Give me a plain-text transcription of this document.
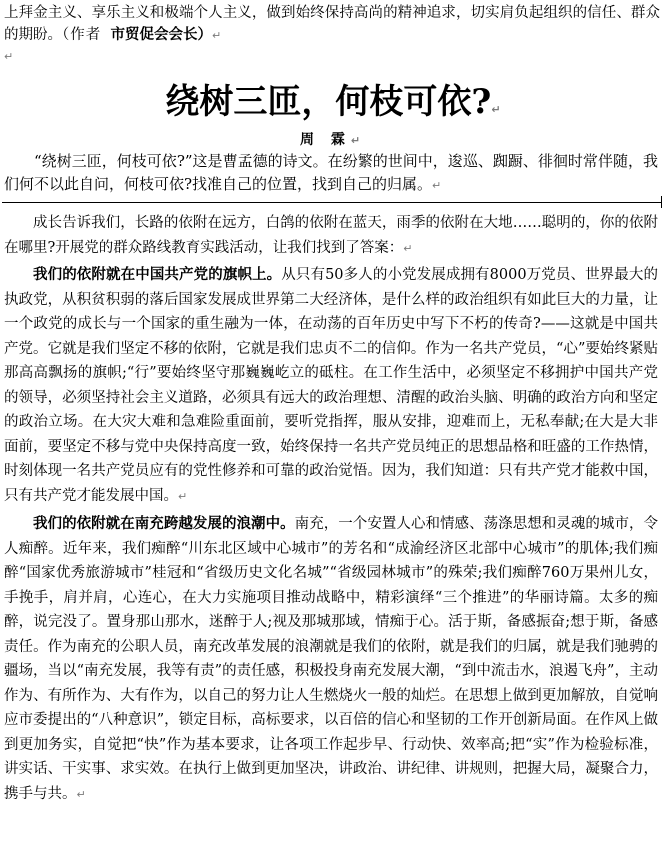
上拜金主义、享乐主义和极端个人主义，做到始终保持高尚的精神追求，切实肩负起组织的信任、群众的期盼。（作者 市贸促会会长）↵

↵
绕树三匝，何枝可依?↵

周 霖↵

“绕树三匝，何枝可依?”这是曹孟德的诗文。在纷繁的世间中，逡巡、踟蹰、徘徊时常伴随，我们何不以此自问，何枝可依?找准自己的位置，找到自己的归属。↵

成长告诉我们，长路的依附在远方，白鸽的依附在蓝天，雨季的依附在大地……聪明的，你的依附在哪里?开展党的群众路线教育实践活动，让我们找到了答案：↵

我们的依附就在中国共产党的旗帜上。从只有50多人的小党发展成拥有8000万党员、世界最大的执政党，从积贫积弱的落后国家发展成世界第二大经济体，是什么样的政治组织有如此巨大的力量，让一个政党的成长与一个国家的重生融为一体，在动荡的百年历史中写下不朽的传奇?——这就是中国共产党。它就是我们坚定不移的依附，它就是我们忠贞不二的信仰。作为一名共产党员，“心”要始终紧贴那高高飘扬的旗帜;“行”要始终坚守那巍巍屹立的砥柱。在工作生活中，必须坚定不移拥护中国共产党的领导，必须坚持社会主义道路，必须具有远大的政治理想、清醒的政治头脑、明确的政治方向和坚定的政治立场。在大灾大难和急难险重面前，要听党指挥，服从安排，迎难而上，无私奉献;在大是大非面前，要坚定不移与党中央保持高度一致，始终保持一名共产党员纯正的思想品格和旺盛的工作热情，时刻体现一名共产党员应有的党性修养和可靠的政治觉悟。因为，我们知道：只有共产党才能救中国，只有共产党才能发展中国。↵

我们的依附就在南充跨越发展的浪潮中。南充，一个安置人心和情感、荡涤思想和灵魂的城市，令人痴醉。近年来，我们痴醉“川东北区域中心城市”的芳名和“成渝经济区北部中心城市”的肌体;我们痴醉“国家优秀旅游城市”桂冠和“省级历史文化名城”“省级园林城市”的殊荣;我们痴醉760万果州儿女，手挽手，肩并肩，心连心，在大力实施项目推动战略中，精彩演绎“三个推进”的华丽诗篇。太多的痴醉，说完没了。置身那山那水，迷醉于人;视及那城那域，情痴于心。活于斯，备感振奋;想于斯，备感责任。作为南充的公职人员，南充改革发展的浪潮就是我们的依附，就是我们的归属，就是我们驰骋的疆场，当以“南充发展，我等有责”的责任感，积极投身南充发展大潮，“到中流击水，浪遏飞舟”，主动作为、有所作为、大有作为，以自己的努力让人生燃烧火一般的灿烂。在思想上做到更加解放，自觉响应市委提出的“八种意识”，锁定目标，高标要求，以百倍的信心和坚韧的工作开创新局面。在作风上做到更加务实，自觉把“快”作为基本要求，让各项工作起步早、行动快、效率高;把“实”作为检验标准，讲实话、干实事、求实效。在执行上做到更加坚决，讲政治、讲纪律、讲规则，把握大局，凝聚合力，携手与共。↵
